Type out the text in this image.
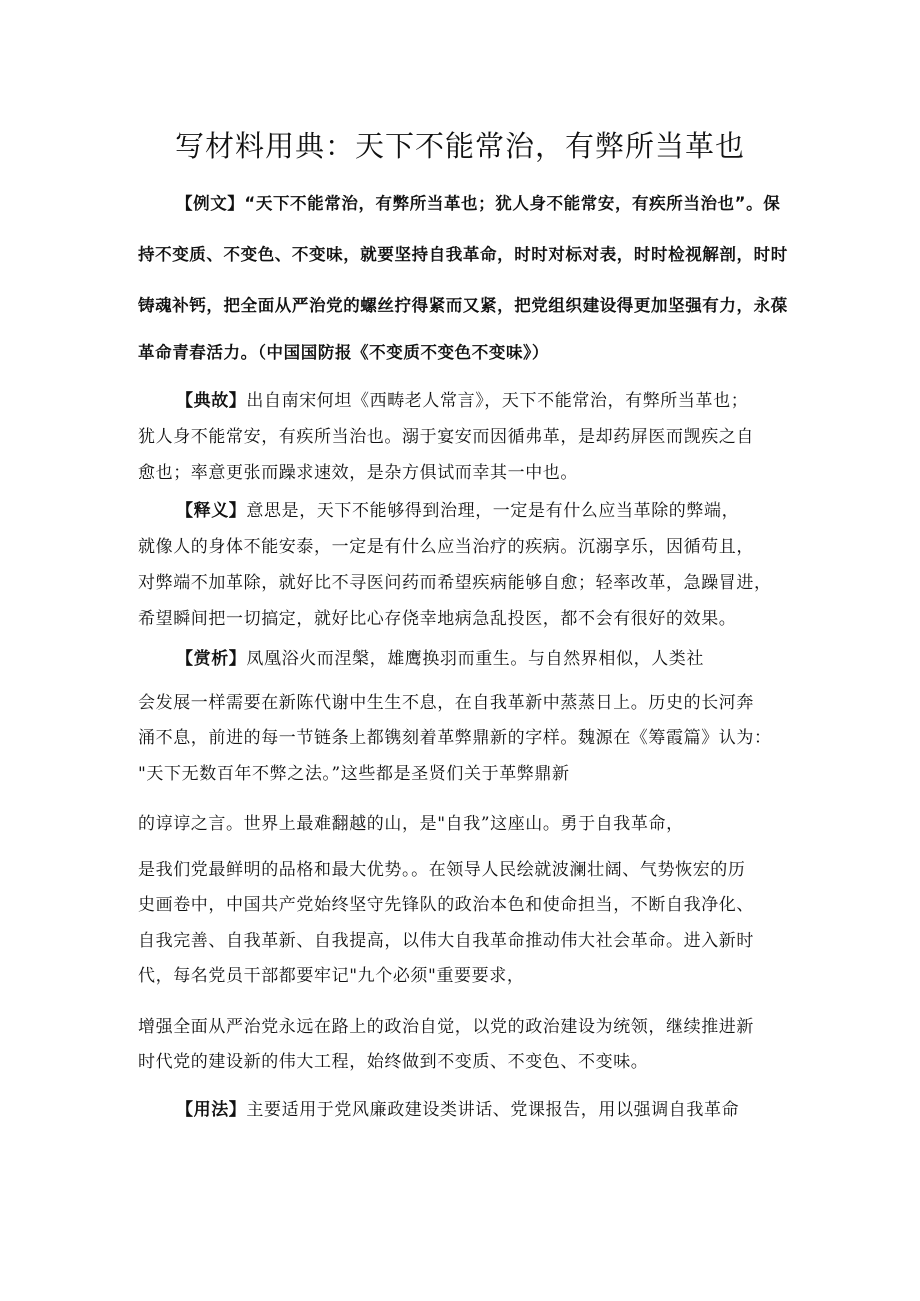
写材料用典：天下不能常治，有弊所当革也
【例文】“天下不能常治，有弊所当革也；犹人身不能常安，有疾所当治也”。保
持不变质、不变色、不变味，就要坚持自我革命，时时对标对表，时时检视解剖，时时
铸魂补钙，把全面从严治党的螺丝拧得紧而又紧，把党组织建设得更加坚强有力，永葆
革命青春活力。（中国国防报《不变质不变色不变味》）
【典故】出自南宋何坦《西畴老人常言》，天下不能常治，有弊所当革也；
犹人身不能常安，有疾所当治也。溺于宴安而因循弗革，是却药屏医而觊疾之自
愈也；率意更张而躁求速效，是杂方俱试而幸其一中也。
【释义】意思是，天下不能够得到治理，一定是有什么应当革除的弊端，
就像人的身体不能安泰，一定是有什么应当治疗的疾病。沉溺享乐，因循苟且，
对弊端不加革除，就好比不寻医问药而希望疾病能够自愈；轻率改革，急躁冒进，
希望瞬间把一切搞定，就好比心存侥幸地病急乱投医，都不会有很好的效果。
【赏析】凤凰浴火而涅槃，雄鹰换羽而重生。与自然界相似，人类社
会发展一样需要在新陈代谢中生生不息，在自我革新中蒸蒸日上。历史的长河奔
涌不息，前进的每一节链条上都镌刻着革弊鼎新的字样。魏源在《筹霞篇》认为：
"天下无数百年不弊之法。”这些都是圣贤们关于革弊鼎新
的谆谆之言。世界上最难翻越的山，是"自我”这座山。勇于自我革命，
是我们党最鲜明的品格和最大优势。。在领导人民绘就波澜壮阔、气势恢宏的历
史画卷中，中国共产党始终坚守先锋队的政治本色和使命担当，不断自我净化、
自我完善、自我革新、自我提高，以伟大自我革命推动伟大社会革命。进入新时
代，每名党员干部都要牢记"九个必须"重要要求，
增强全面从严治党永远在路上的政治自觉，以党的政治建设为统领，继续推进新
时代党的建设新的伟大工程，始终做到不变质、不变色、不变味。
【用法】主要适用于党风廉政建设类讲话、党课报告，用以强调自我革命
